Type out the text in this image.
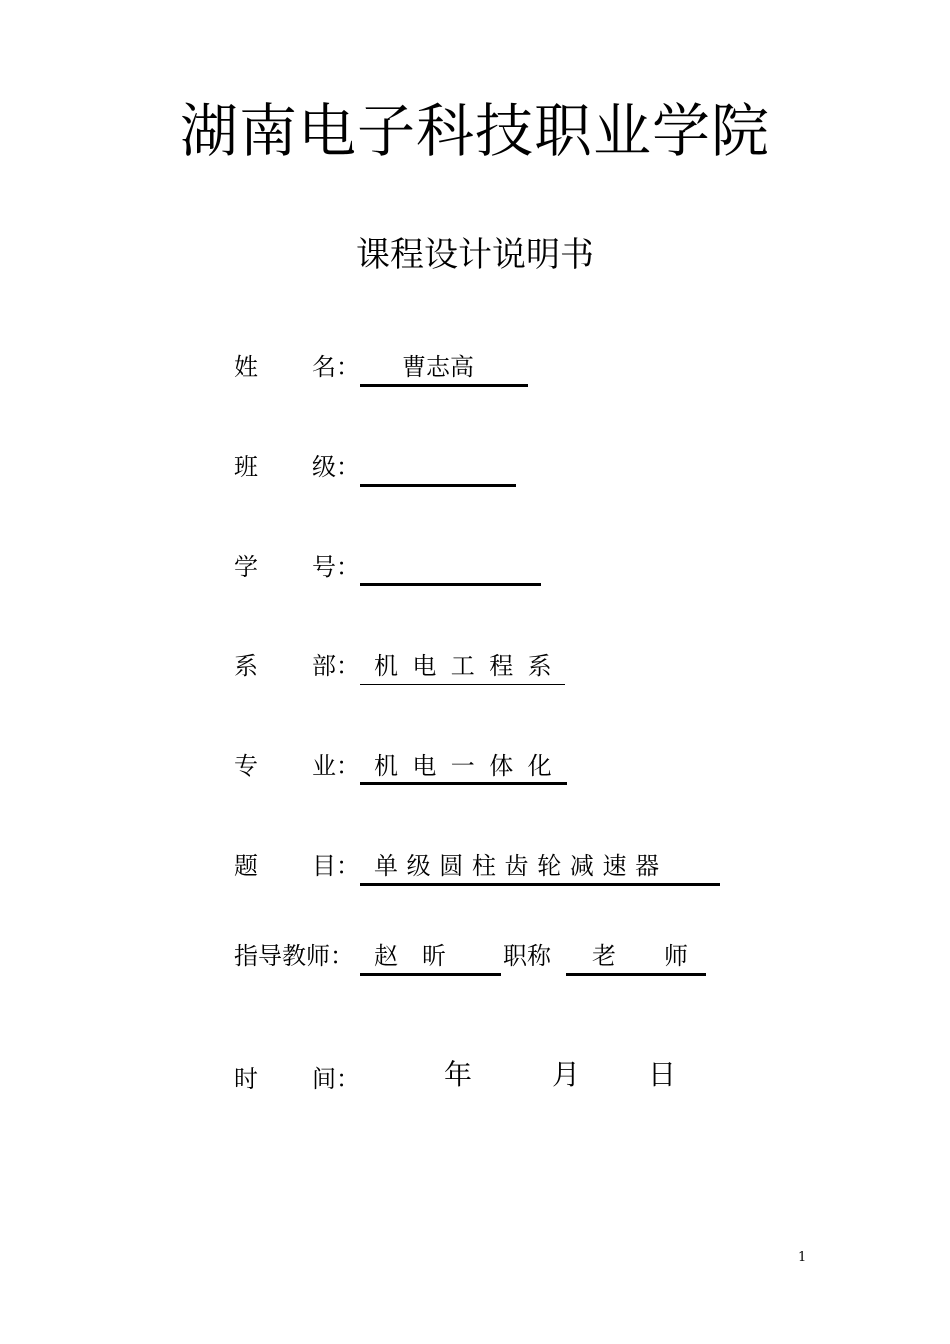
湖南电子科技职业学院
课程设计说明书
姓 名： 曹志高
班 级：
学 号：
系 部： 机电工程系
专 业： 机电一体化
题 目： 单级圆柱齿轮减速器
指导教师： 赵　昕 职称 老　　师
时 间：	年	月 日
1
